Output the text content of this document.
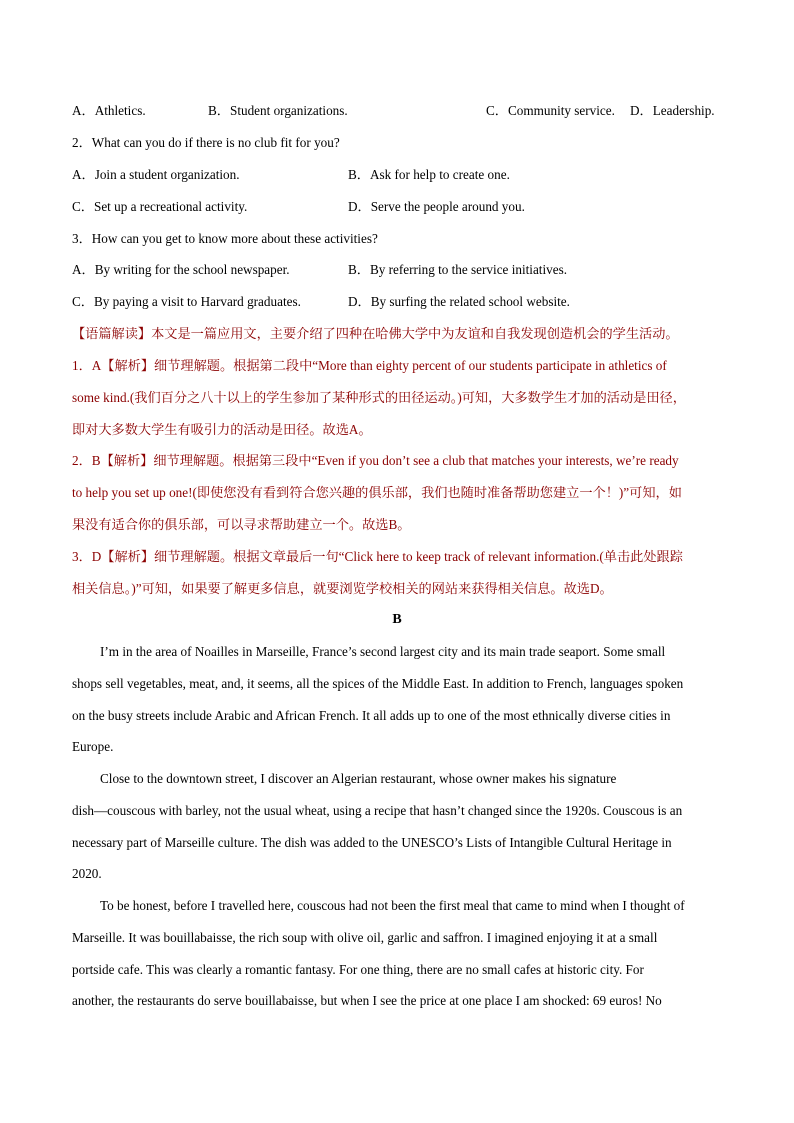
A．Athletics.	B．Student organizations.	C．Community service. D．Leadership.
2．What can you do if there is no club fit for you?
A．Join a student organization.	B．Ask for help to create one.
C．Set up a recreational activity.	D．Serve the people around you.
3．How can you get to know more about these activities?
A．By writing for the school newspaper.	B．By referring to the service initiatives.
C．By paying a visit to Harvard graduates.	D．By surfing the related school website.
【语篇解读】本文是一篇应用文，主要介绍了四种在哈佛大学中为友谊和自我发现创造机会的学生活动。
1．A【解析】细节理解题。根据第二段中“More than eighty percent of our students participate in athletics of
some kind.(我们百分之八十以上的学生参加了某种形式的田径运动。)可知，大多数学生才加的活动是田径，
即对大多数大学生有吸引力的活动是田径。故选A。
2．B【解析】细节理解题。根据第三段中“Even if you don’t see a club that matches your interests, we’re ready
to help you set up one!(即使您没有看到符合您兴趣的俱乐部，我们也随时准备帮助您建立一个！)”可知，如
果没有适合你的俱乐部，可以寻求帮助建立一个。故选B。
3．D【解析】细节理解题。根据文章最后一句“Click here to keep track of relevant information.(单击此处跟踪
相关信息。)”可知，如果要了解更多信息，就要浏览学校相关的网站来获得相关信息。故选D。
B
I’m in the area of Noailles in Marseille, France’s second largest city and its main trade seaport. Some small
shops sell vegetables, meat, and, it seems, all the spices of the Middle East. In addition to French, languages spoken
on the busy streets include Arabic and African French. It all adds up to one of the most ethnically diverse cities in
Europe.
Close to the downtown street, I discover an Algerian restaurant, whose owner makes his signature
dish—couscous with barley, not the usual wheat, using a recipe that hasn’t changed since the 1920s. Couscous is an
necessary part of Marseille culture. The dish was added to the UNESCO’s Lists of Intangible Cultural Heritage in
2020.
To be honest, before I travelled here, couscous had not been the first meal that came to mind when I thought of
Marseille. It was bouillabaisse, the rich soup with olive oil, garlic and saffron. I imagined enjoying it at a small
portside cafe. This was clearly a romantic fantasy. For one thing, there are no small cafes at historic city. For
another, the restaurants do serve bouillabaisse, but when I see the price at one place I am shocked: 69 euros! No
